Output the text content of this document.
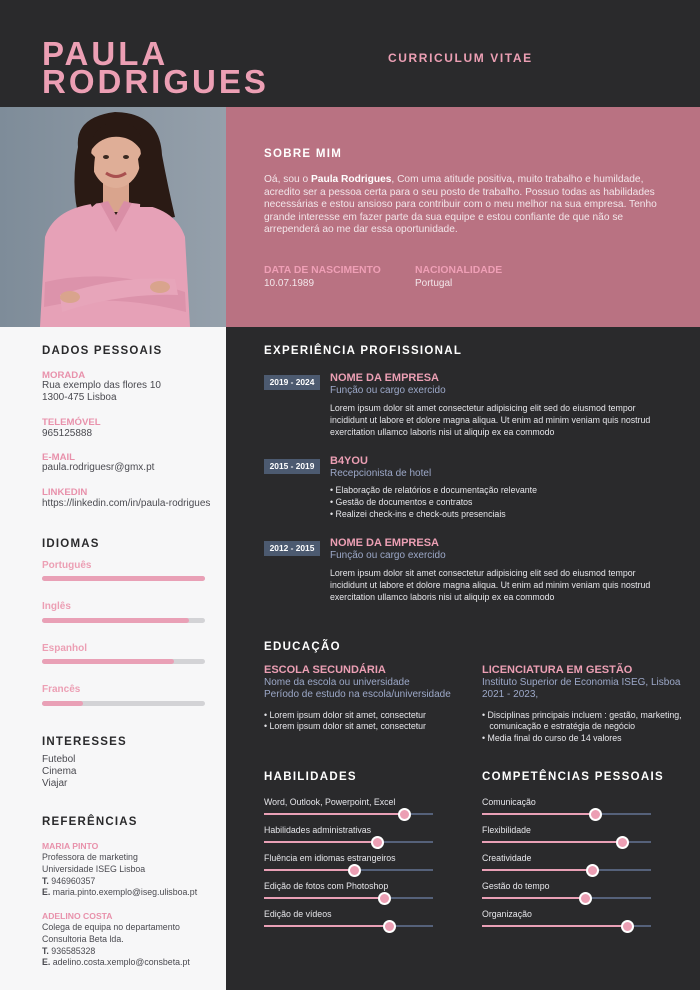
PAULA
RODRIGUES
CURRICULUM VITAE
SOBRE MIM
Oá, sou o Paula Rodrigues, Com uma atitude positiva, muito trabalho e humildade, acredito ser a pessoa certa para o seu posto de trabalho. Possuo todas as habilidades necessárias e estou ansioso para contribuir com o meu melhor na sua empresa. Tenho grande interesse em fazer parte da sua equipe e estou confiante de que não se arrependerá ao me dar essa oportunidade.
DATA DE NASCIMENTO
10.07.1989
NACIONALIDADE
Portugal
DADOS PESSOAIS
MORADA
Rua exemplo das flores 10
1300-475 Lisboa
TELEMÓVEL
965125888
E-MAIL
paula.rodriguesr@gmx.pt
LINKEDIN
https://linkedin.com/in/paula-rodrigues
IDIOMAS
Português
Inglês
Espanhol
Francês
INTERESSES
Futebol
Cinema
Viajar
REFERÊNCIAS
MARIA PINTO
Professora de marketing
Universidade ISEG Lisboa
T. 946960357
E. maria.pinto.exemplo@iseg.ulisboa.pt
ADELINO COSTA
Colega de equipa no departamento
Consultoria Beta lda.
T. 936585328
E. adelino.costa.xemplo@consbeta.pt
EXPERIÊNCIA PROFISSIONAL
2019 - 2024	NOME DA EMPRESA
Função ou cargo exercido
Lorem ipsum dolor sit amet consectetur adipisicing elit sed do eiusmod tempor incididunt ut labore et dolore magna aliqua. Ut enim ad minim veniam quis nostrud exercitation ullamco laboris nisi ut aliquip ex ea commodo
2015 - 2019	B4YOU
Recepcionista de hotel
• Elaboração de relatórios e documentação relevante
• Gestão de documentos e contratos
• Realizei check-ins e check-outs presenciais
2012 - 2015	NOME DA EMPRESA
Função ou cargo exercido
Lorem ipsum dolor sit amet consectetur adipisicing elit sed do eiusmod tempor incididunt ut labore et dolore magna aliqua. Ut enim ad minim veniam quis nostrud exercitation ullamco laboris nisi ut aliquip ex ea commodo
EDUCAÇÃO
ESCOLA SECUNDÁRIA
Nome da escola ou universidade
Período de estudo na escola/universidade
• Lorem ipsum dolor sit amet, consectetur
• Lorem ipsum dolor sit amet, consectetur
LICENCIATURA EM GESTÃO
Instituto Superior de Economia ISEG, Lisboa
2021 - 2023,
• Disciplinas principais incluem : gestão, marketing,
comunicação e estratégia de negócio
• Media final do curso de 14 valores
HABILIDADES
Word, Outlook, Powerpoint, Excel
Habilidades administrativas
Fluência em idiomas estrangeiros
Edição de fotos com Photoshop
Edição de vídeos
COMPETÊNCIAS PESSOAIS
Comunicação
Flexibilidade
Creatividade
Gestão do tempo
Organização
